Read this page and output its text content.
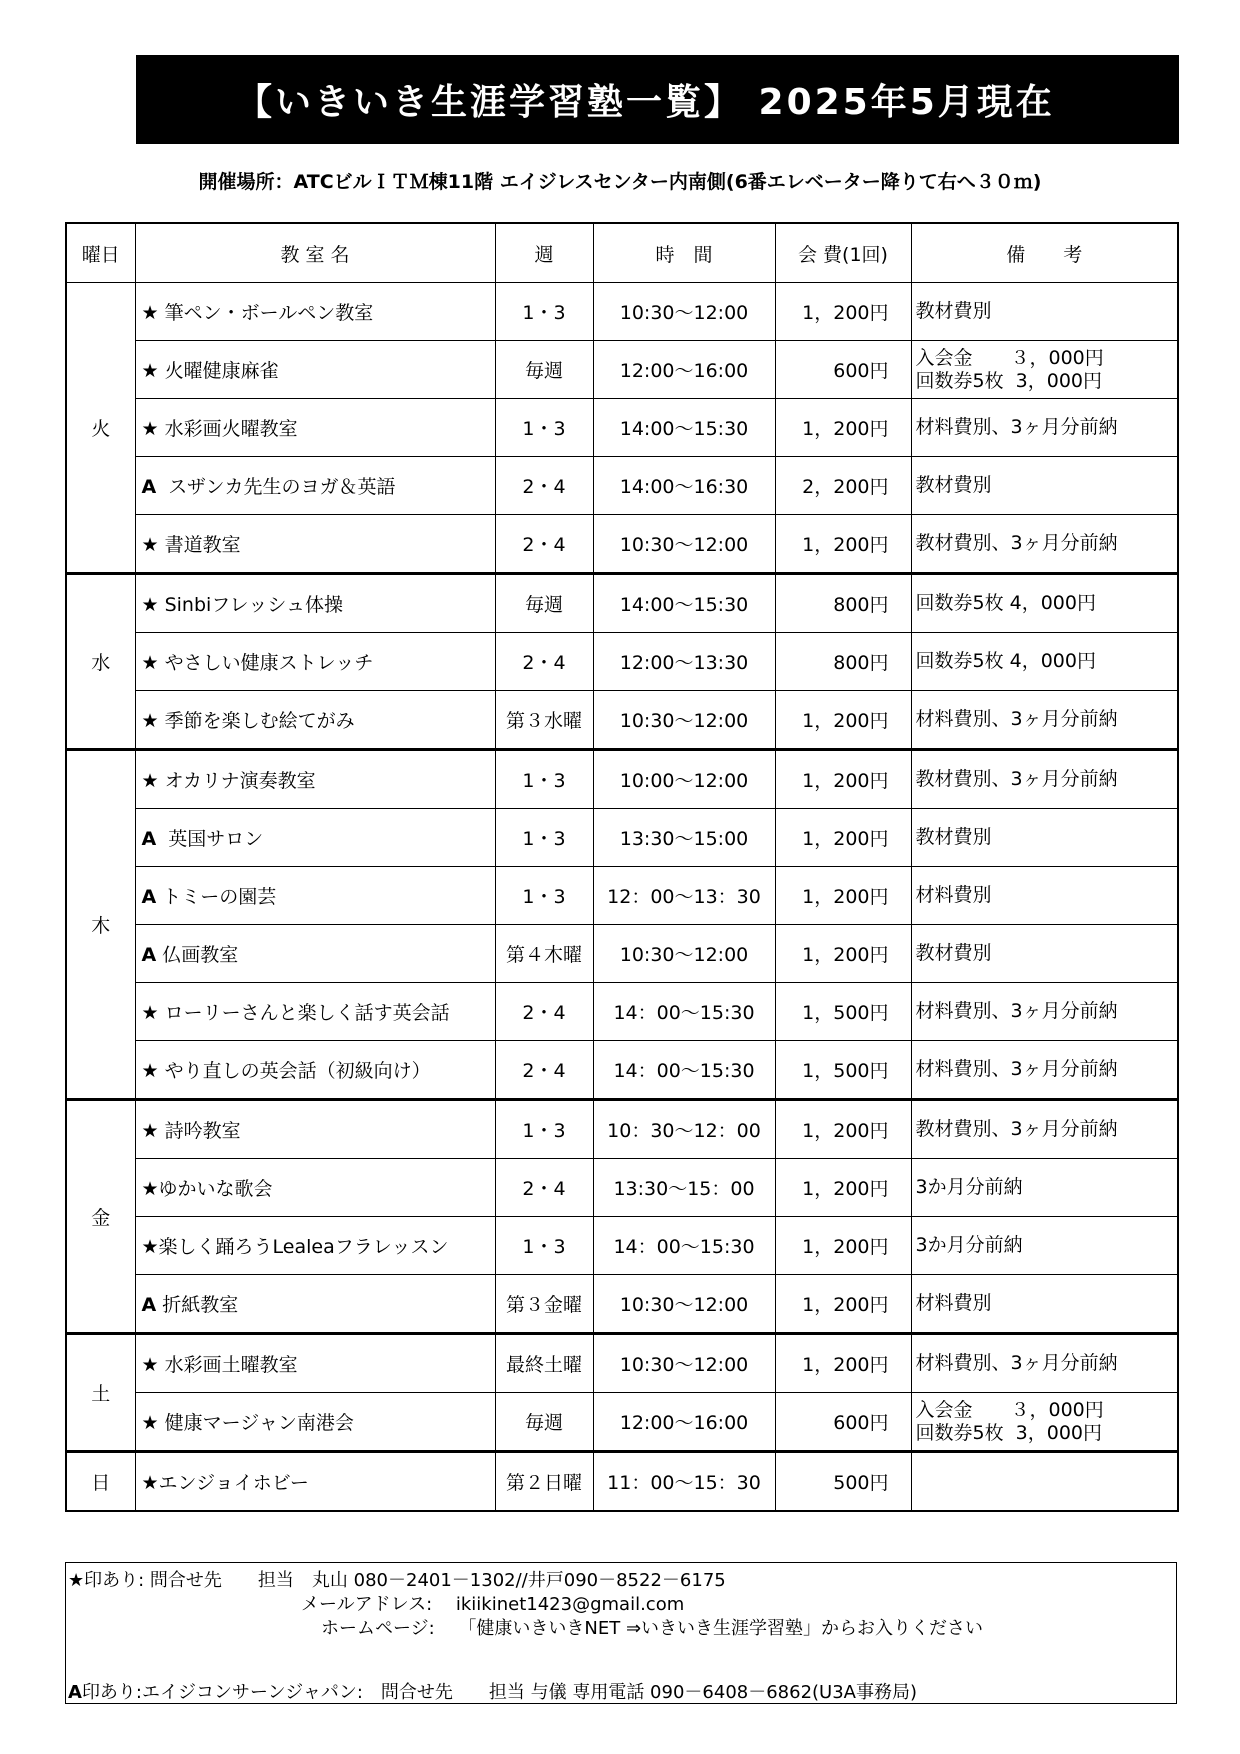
【いきいき生涯学習塾一覧】 2025年5月現在
開催場所：ATCビルＩＴＭ棟11階 エイジレスセンター内南側(6番エレベーター降りて右へ３０ｍ)
曜日	教 室 名	週	時　間	会 費(1回)	備　　考
火	★ 筆ペン・ボールペン教室	1・3	10:30～12:00	1，200円	教材費別

	★ 火曜健康麻雀	毎週	12:00～16:00	600円	入会金　　３，000円
回数券5枚  3，000円

	★ 水彩画火曜教室	1・3	14:00～15:30	1，200円	材料費別、3ヶ月分前納

	A  スザンカ先生のヨガ＆英語	2・4	14:00～16:30	2，200円	教材費別

	★ 書道教室	2・4	10:30～12:00	1，200円	教材費別、3ヶ月分前納

水	★ Sinbiフレッシュ体操	毎週	14:00～15:30	800円	回数券5枚 4，000円

	★ やさしい健康ストレッチ	2・4	12:00～13:30	800円	回数券5枚 4，000円

	★ 季節を楽しむ絵てがみ	第３水曜	10:30～12:00	1，200円	材料費別、3ヶ月分前納

木	★ オカリナ演奏教室	1・3	10:00～12:00	1，200円	教材費別、3ヶ月分前納

	A  英国サロン	1・3	13:30～15:00	1，200円	教材費別

	A トミーの園芸	1・3	12：00～13：30	1，200円	材料費別

	A 仏画教室	第４木曜	10:30～12:00	1，200円	教材費別

	★ ローリーさんと楽しく話す英会話	2・4	14：00～15:30	1，500円	材料費別、3ヶ月分前納

	★ やり直しの英会話（初級向け）	2・4	14：00～15:30	1，500円	材料費別、3ヶ月分前納

金	★ 詩吟教室	1・3	10：30～12：00	1，200円	教材費別、3ヶ月分前納

	★ゆかいな歌会	2・4	13:30～15：00	1，200円	3か月分前納

	★楽しく踊ろうLealeaフラレッスン	1・3	14：00～15:30	1，200円	3か月分前納

	A 折紙教室	第３金曜	10:30～12:00	1，200円	材料費別

土	★ 水彩画土曜教室	最終土曜	10:30～12:00	1，200円	材料費別、3ヶ月分前納

	★ 健康マージャン南港会	毎週	12:00～16:00	600円	入会金　　３，000円
回数券5枚  3，000円

日	★エンジョイホビー	第２日曜	11：00～15：30	500円	
★印あり: 問合せ先　　担当　丸山 080－2401－1302//井戸090－8522－6175
メールアドレス:　 ikiikinet1423@gmail.com
ホームページ:　 「健康いきいきNET ⇒いきいき生涯学習塾」からお入りください
A印あり:エイジコンサーンジャパン:　問合せ先　　担当 与儀 専用電話 090－6408－6862(U3A事務局)
